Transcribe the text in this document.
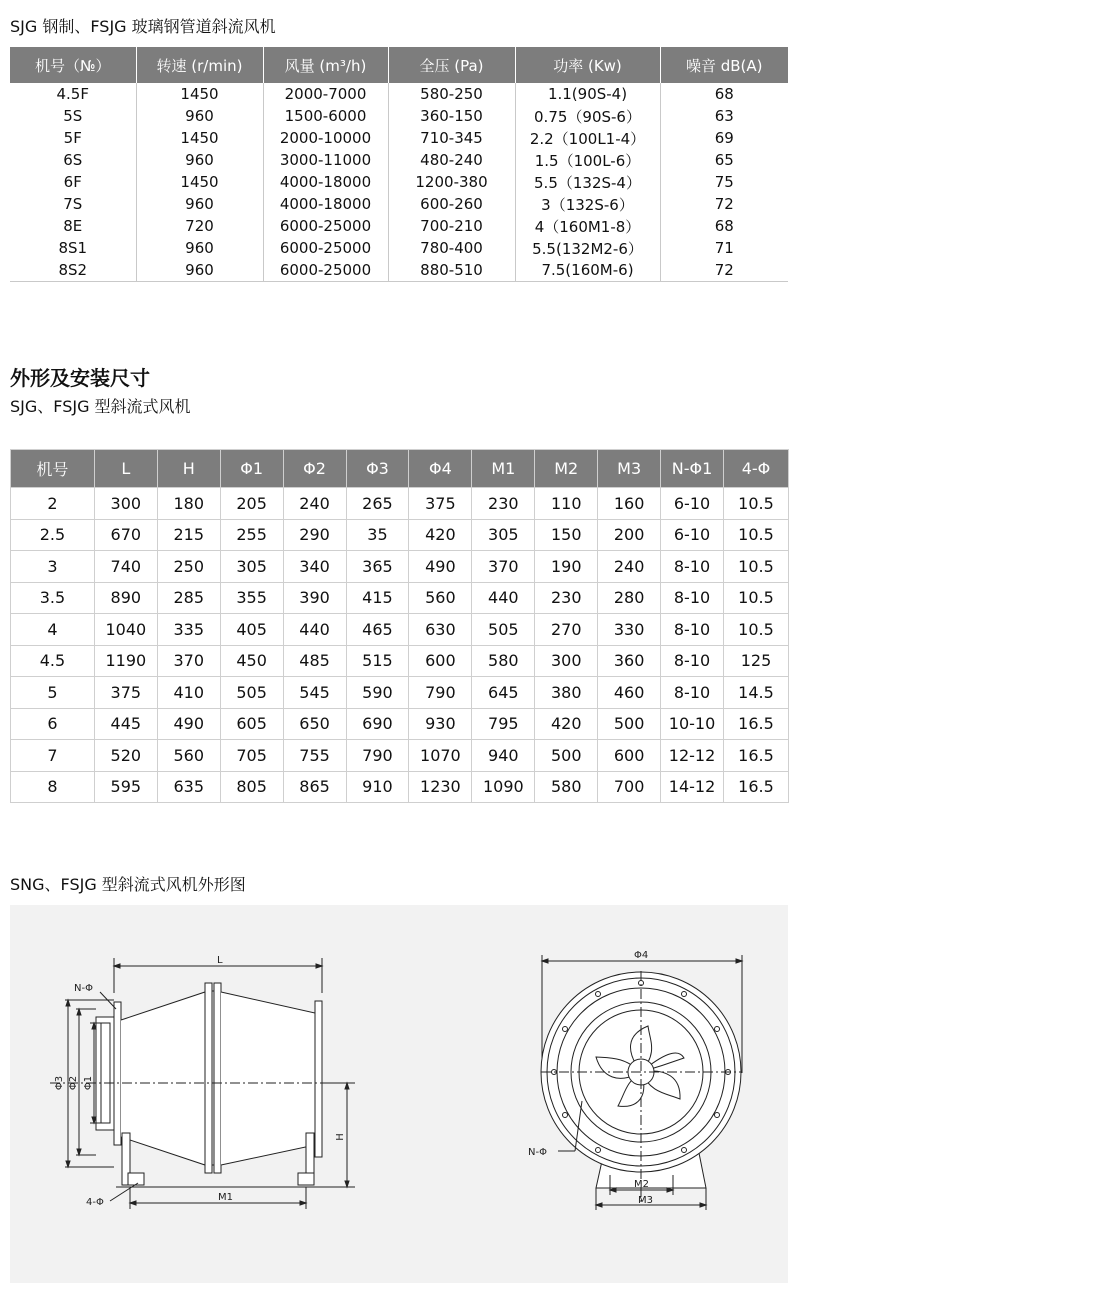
SJG 钢制、FSJG 玻璃钢管道斜流风机
机号（№）	转速 (r/min)	风量 (m³/h)	全压 (Pa)	功率 (Kw)	噪音 dB(A)
4.5F	1450	2000-7000	580-250	1.1(90S-4)	68
5S	960	1500-6000	360-150	0.75（90S-6）	63
5F	1450	2000-10000	710-345	2.2（100L1-4）	69
6S	960	3000-11000	480-240	1.5（100L-6）	65
6F	1450	4000-18000	1200-380	5.5（132S-4）	75
7S	960	4000-18000	600-260	3（132S-6）	72
8E	720	6000-25000	700-210	4（160M1-8）	68
8S1	960	6000-25000	780-400	5.5(132M2-6）	71
8S2	960	6000-25000	880-510	7.5(160M-6)	72
外形及安装尺寸
SJG、FSJG 型斜流式风机
机号	L	H	Φ1	Φ2	Φ3	Φ4	M1	M2	M3	N-Φ1	4-Φ
2	300	180	205	240	265	375	230	110	160	6-10	10.5
2.5	670	215	255	290	35	420	305	150	200	6-10	10.5
3	740	250	305	340	365	490	370	190	240	8-10	10.5
3.5	890	285	355	390	415	560	440	230	280	8-10	10.5
4	1040	335	405	440	465	630	505	270	330	8-10	10.5
4.5	1190	370	450	485	515	600	580	300	360	8-10	125
5	375	410	505	545	590	790	645	380	460	8-10	14.5
6	445	490	605	650	690	930	795	420	500	10-10	16.5
7	520	560	705	755	790	1070	940	500	600	12-12	16.5
8	595	635	805	865	910	1230	1090	580	700	14-12	16.5
SNG、FSJG 型斜流式风机外形图
L
N-Φ
Φ3 Φ2 Φ1
H
M1
4-Φ
Φ4
N-Φ
M2
M3
